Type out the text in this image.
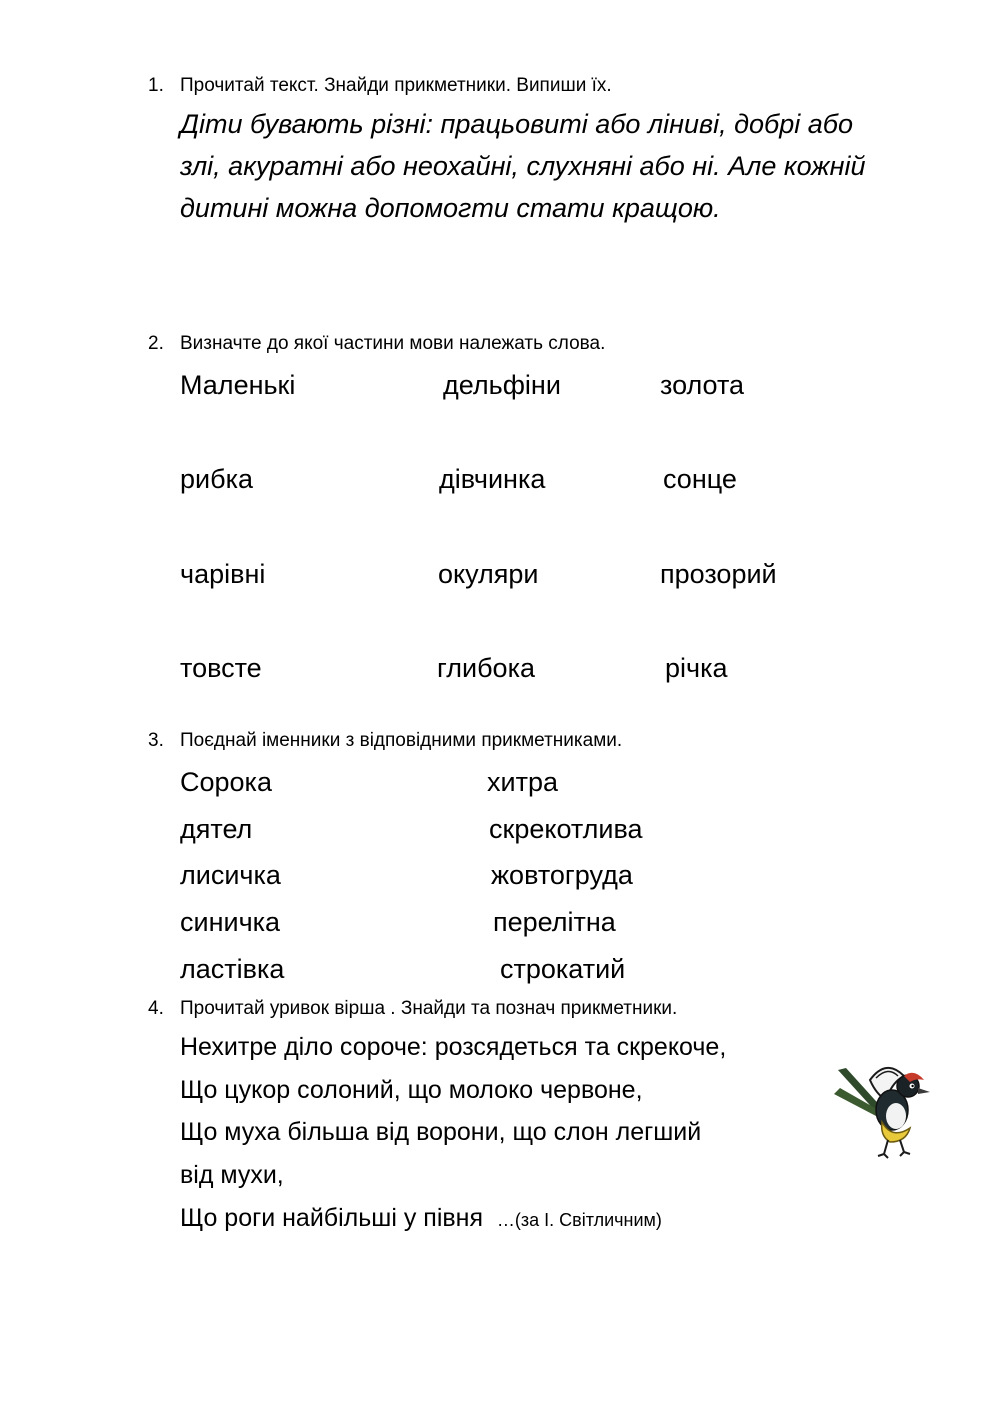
1. Прочитай текст. Знайди прикметники. Випиши їх.
Діти бувають різні: працьовиті або ліниві, добрі або
злі, акуратні або неохайні, слухняні або ні. Але кожній
дитині можна допомогти стати кращою.
2. Визначте до якої частини мови належать слова.
Маленькі	дельфіни	золота
рибка	дівчинка	сонце
чарівні	окуляри	прозорий
товсте	глибока	річка
3. Поєднай іменники з відповідними прикметниками.
Сорока	хитра
дятел	скрекотлива
лисичка	жовтогруда
синичка	перелітна
ластівка	строкатий
4. Прочитай уривок вірша . Знайди та познач прикметники.
Нехитре діло сороче: розсядеться та скрекоче,
Що цукор солоний, що молоко червоне,
Що муха більша від ворони, що слон легший
від мухи,
Що роги найбільші у півня …(за І. Світличним)
